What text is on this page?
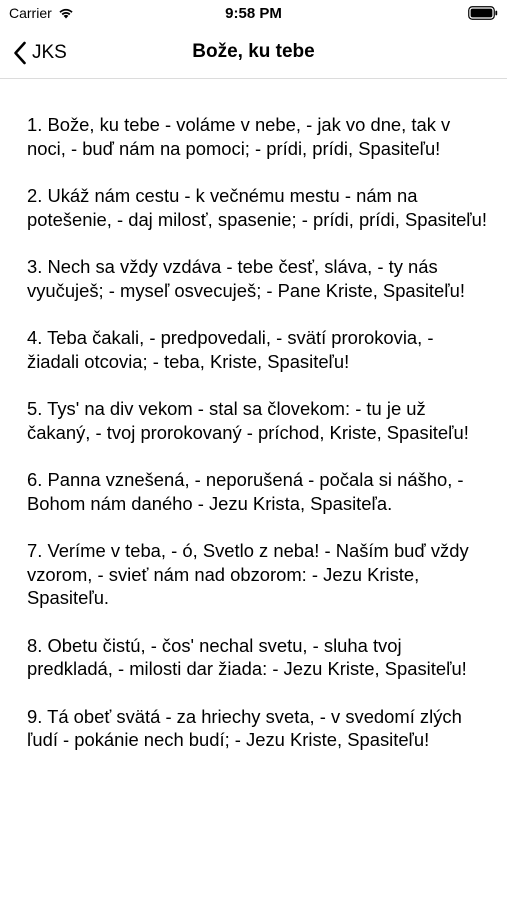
Carrier	9:58 PM
JKS	Bože, ku tebe

1. Bože, ku tebe - voláme v nebe, - jak vo dne, tak v noci, - buď nám na pomoci; - prídi, prídi, Spasiteľu!

2. Ukáž nám cestu - k večnému mestu - nám na potešenie, - daj milosť, spasenie; - prídi, prídi, Spasiteľu!

3. Nech sa vždy vzdáva - tebe česť, sláva, - ty nás vyučuješ; - myseľ osvecuješ; - Pane Kriste, Spasiteľu!

4. Teba čakali, - predpovedali, - svätí prorokovia, - žiadali otcovia; - teba, Kriste, Spasiteľu!

5. Tys' na div vekom - stal sa človekom: - tu je už čakaný, - tvoj prorokovaný - príchod, Kriste, Spasiteľu!

6. Panna vznešená, - neporušená - počala si nášho, - Bohom nám daného - Jezu Krista, Spasiteľa.

7. Veríme v teba, - ó, Svetlo z neba! - Naším buď vždy vzorom, - svieť nám nad obzorom: - Jezu Kriste, Spasiteľu.

8. Obetu čistú, - čos' nechal svetu, - sluha tvoj predkladá, - milosti dar žiada: - Jezu Kriste, Spasiteľu!

9. Tá obeť svätá - za hriechy sveta, - v svedomí zlých ľudí - pokánie nech budí; - Jezu Kriste, Spasiteľu!
